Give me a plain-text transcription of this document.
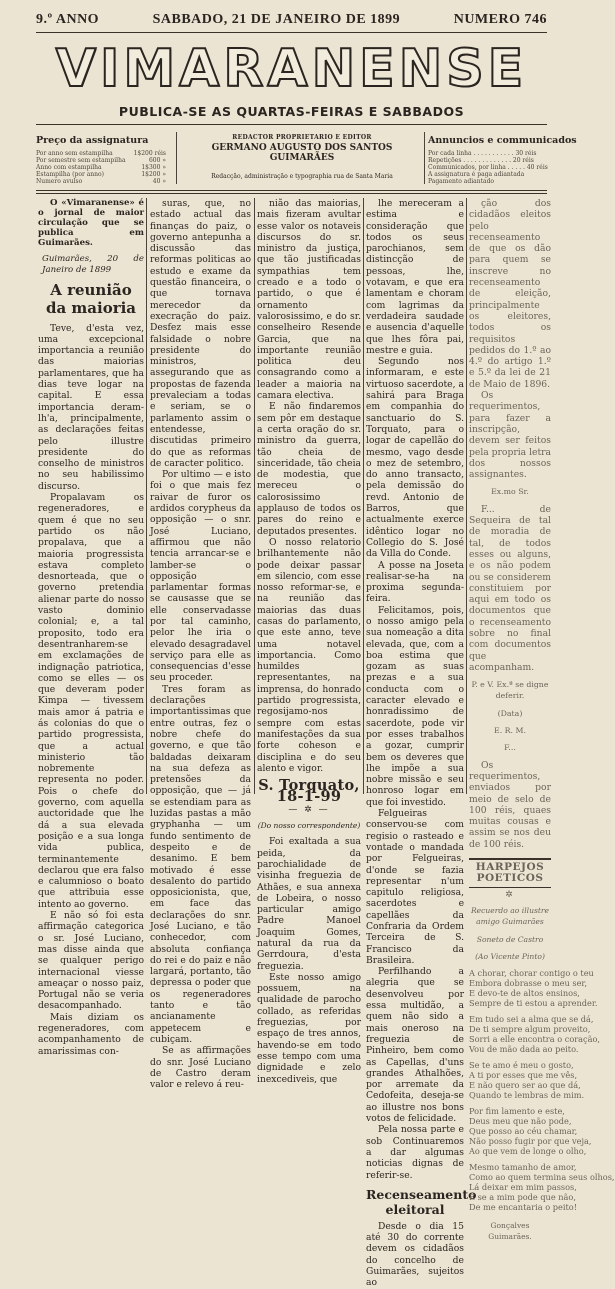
9.º ANNO	SABBADO, 21 DE JANEIRO DE 1899	NUMERO 746
VIMARANENSE
PUBLICA-SE AS QUARTAS-FEIRAS E SABBADOS
Preço da assignatura
Por anno sem estampilha	1$200 réis
Por semestre sem estampilha	600 »
Anno com estampilha	1$300 »
Estampilha (por anno)	1$200 »
Numero avulso	40 »
REDACTOR PROPRIETARIO E EDITOR
GERMANO AUGUSTO DOS SANTOS GUIMARÃES
Redacção, administração e typographia rua de Santa Maria
Annuncios e communicados
Por cada linha . . . . . . . . . . . 30 réis
Repetições . . . . . . . . . . . . . 20 réis
Communicados, por linha . . . . . 40 réis
A assignatura é paga adiantada
Pagamento adiantado

O «Vimaranense» é o jornal de maior circulação que se publica em Guimarães.

Guimarães, 20 de Janeiro de 1899
A reunião da maioria

Teve, d'esta vez, uma excepcional importancia a reunião das maiorias parlamentares, que ha dias teve logar na capital. E essa importancia deram-lh'a, principalmente, as declarações feitas pelo illustre presidente do conselho de ministros no seu habilissimo discurso.

Propalavam os regeneradores, e quem é que no seu partido os não propalava, que a maioria progressista estava completo desnorteada, que o governo pretendia alienar parte do nosso vasto dominio colonial; e, a tal proposito, todo era desentranharem-se em exclamações de indignação patriotica, como se elles — os que deveram poder Kimpa — tivessem mais amor á patria e ás colonias do que o partido progressista, que a actual ministerio tão nobremente representa no poder. Pois o chefe do governo, com aquella auctoridade que lhe dá a sua elevada posição e a sua longa vida publica, terminantemente declarou que era falso e calumnioso o boato que attribuia esse intento ao governo.

E não só foi esta affirmação categorica o sr. José Luciano, mas disse ainda que se qualquer perigo internacional viesse ameaçar o nosso paiz, Portugal não se veria desacompanhado.

Mais diziam os regeneradores, com acompanhamento de amarissimas con-

suras, que, no estado actual das finanças do paiz, o governo antepunha a discussão das reformas politicas ao estudo e exame da questão financeira, o que tornava merecedor da execração do paiz. Desfez mais esse falsidade o nobre presidente do ministros, assegurando que as propostas de fazenda prevaleciam a todas e seriam, se o parlamento assim o entendesse, discutidas primeiro do que as reformas de caracter politico.

Por ultimo — e isto foi o que mais fez raivar de furor os ardidos corypheus da opposição — o snr. José Luciano, affirmou que não tencia arrancar-se e lamber-se o opposição parlamentar formas se causasse que se elle conservadasse por tal caminho, pelor lhe iria o elevado desagradavel serviço para elle as consequencias d'esse seu proceder.

Tres foram as declarações importantissimas que entre outras, fez o nobre chefe do governo, e que tão baldadas deixaram na sua defeza as pretensões da opposição, que — já se estendiam para as luzidas pastas a mão gryphanha — um fundo sentimento de despeito e de desanimo. E bem motivado é esse desalento do partido opposicionista, que, em face das declarações do snr. José Luciano, e tão conhecedor, com absoluta confiança do rei e do paiz e não largará, portanto, tão depressa o poder que os regeneradores tanto e tão ancianamente appetecem e cubiçam.

Se as affirmações do snr. José Luciano de Castro deram valor e relevo á reu-

nião das maiorias, mais fizeram avultar esse valor os notaveis discursos do sr. ministro da justiça, que tão justificadas sympathias tem creado e a todo o partido, o que é ornamento valorosissimo, e do sr. conselheiro Resende Garcia, que na importante reunião politica deu consagrando como a leader a maioria na camara electiva.

E não findaremos sem pôr em destaque a certa oração do sr. ministro da guerra, tão cheia de sinceridade, tão cheia de modestia, que mereceu o calorosissimo applauso de todos os pares do reino e deputados presentes.

O nosso relatorio brilhantemente não pode deixar passar em silencio, com esse nosso reformar-se, e na reunião das maiorias das duas casas do parlamento, que este anno, teve uma notavel importancia. Como humildes representantes, na imprensa, do honrado partido progressista, regosijamo-nos sempre com estas manifestações da sua forte coheson e disciplina e do seu alento e vigor.

S. Torquato, 18-1-99
— ✲ —
(Do nosso correspondente)

Foi exaltada a sua peida, da parochialidade de visinha freguezia de Athães, e sua annexa de Lobeira, o nosso particular amigo Padre Manoel Joaquim Gomes, natural da rua da Gerrdoura, d'esta freguezia.

Este nosso amigo possuem, na qualidade de parocho collado, as referidas freguezias, por espaço de tres annos, havendo-se em todo esse tempo com uma dignidade e zelo inexcediveis, que

lhe mereceram a estima e consideração que todos os seus parochianos, sem distincção de pessoas, lhe, votavam, e que era lamentam e choram com lagrimas da verdadeira saudade e ausencia d'aquelle que lhes fôra pai, mestre e guia.

Segundo nos informaram, e este virtuoso sacerdote, a sahirá para Braga em companhia do sanctuario do S. Torquato, para o logar de capellão do mesmo, vago desde o mez de setembro, do anno transacto, pela demissão do revd. Antonio de Barros, que actualmente exerce idêntico logar no Collegio do S. José da Villa do Conde.

A posse na Joseta realisar-se-ha na proxima segunda-feira.

Felicitamos, pois, o nosso amigo pela sua nomeação a dita elevada, que, com a boa estima que gozam as suas prezas e a sua conducta com o caracter elevado e honradissimo de sacerdote, pode vir por esses trabalhos a gozar, cumprir bem os deveres que lhe impõe a sua nobre missão e seu honroso logar em que foi investido.

Felgueiras conservou-se com regisio o rasteado e vontade o mandada por Felgueiras, d'onde se fazia representar n'um capitulo religiosa, sacerdotes e capellães da Confraria da Ordem Terceira de S. Francisco da Brasileira.

Perfilhando a alegria que se desenvolveu por essa multidão, a quem não sido a mais oneroso na freguezia de Pinheiro, bem como as Capellas, d'uns grandes Athalhões, por arremate da Cedofeita, deseja-se ao illustre nos bons votos de felicidade.

Pela nossa parte e sob Continuaremos a dar algumas noticias dignas de referir-se.

Recenseamento eleitoral

Desde o dia 15 até 30 do corrente devem os cidadãos do concelho de Guimarães, sujeitos ao

ção dos cidadãos eleitos pelo recenseamento de que os dão para quem se inscreve no recenseamento de eleição, principalmente os eleitores, todos os requisitos pedidos do 1.º ao 4.º do artigo 1.º e 5.º da lei de 21 de Maio de 1896.

Os requerimentos, para fazer a inscripção, devem ser feitos pela propria letra dos nossos assignantes.

Ex.mo Sr.

F... de Sequeira de tal de moradia de tal, de todos esses ou alguns, e os não podem ou se considerem constituiem por aqui em todo os documentos que o recenseamento sobre no final com documentos que acompanham.

P. e V. Ex.ª se digne deferir.
(Data)
E. R. M.
F...

Os requerimentos, enviados por meio de selo de 100 réis, quaes muitas cousas e assim se nos deu de 100 réis.

HARPEJOS POETICOS
✲
Recuerdo ao illustre amigo Guimarães
Soneto de Castro
(Ao Vicente Pinto)
A chorar, chorar contigo o teu
Embora dobrasse o meu ser,
E devo-te de altos ensinos,
Sempre de ti estou a aprender.
Em tudo sei a alma que se dá,
De ti sempre algum proveito,
Sorri a elle encontra o coração,
Vou de mão dada ao peito.
Se te amo é meu o gosto,
A ti por esses que me vês,
E não quero ser ao que dá,
Quando te lembras de mim.
Por fim lamento e este,
Deus meu que não pode,
Que posso ao céu chamar,
Não posso fugir por que veja,
Ao que vem de longe o olho,
Mesmo tamanho de amor,
Como ao quem termina seus olhos,
Lá deixar em mim passos,
E se a mim pode que não,
De me encantaria o peito!
Gonçalves Guimarães.
